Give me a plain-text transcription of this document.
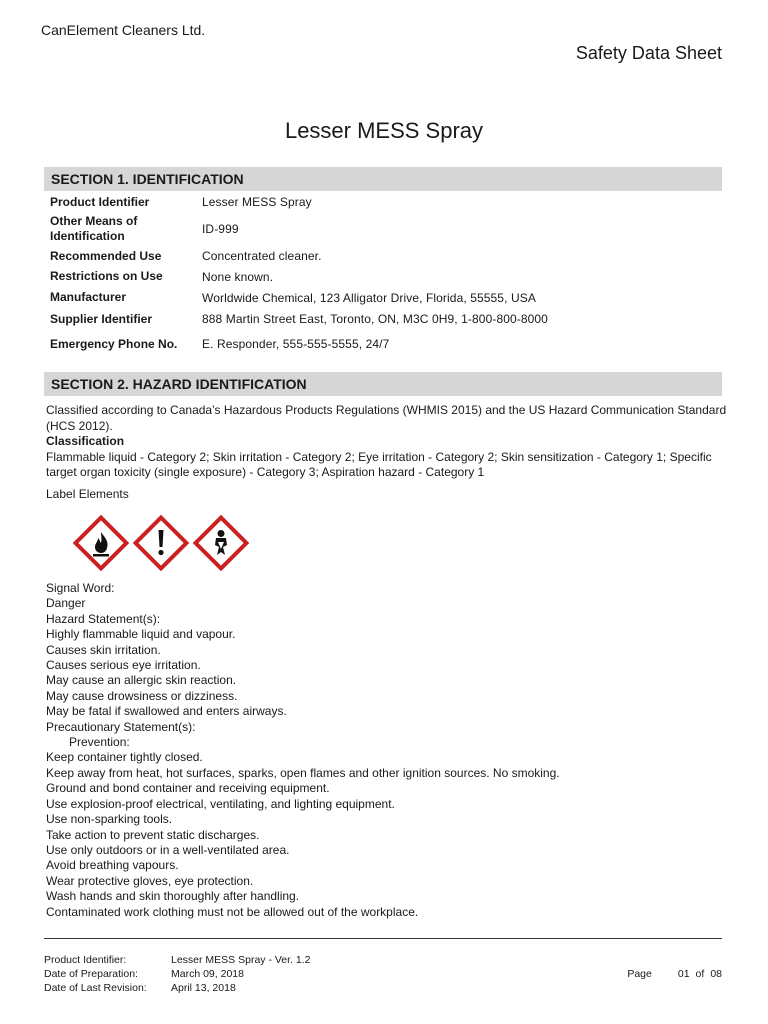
CanElement Cleaners Ltd.
Safety Data Sheet
Lesser MESS Spray
SECTION 1. IDENTIFICATION
Product Identifier	Lesser MESS Spray
Other Means of Identification	ID-999
Recommended Use	Concentrated cleaner.
Restrictions on Use	None known.
Manufacturer	Worldwide Chemical, 123 Alligator Drive, Florida, 55555, USA
Supplier Identifier	888 Martin Street East, Toronto, ON, M3C 0H9, 1-800-800-8000
Emergency Phone No.	E. Responder, 555-555-5555, 24/7
SECTION 2. HAZARD IDENTIFICATION

Classified according to Canada’s Hazardous Products Regulations (WHMIS 2015) and the US Hazard Communication Standard (HCS 2012).

Classification

Flammable liquid - Category 2; Skin irritation - Category 2; Eye irritation - Category 2; Skin sensitization - Category 1; Specific target organ toxicity (single exposure) - Category 3; Aspiration hazard - Category 1

Label Elements

Signal Word:
Danger
Hazard Statement(s):
Highly flammable liquid and vapour.
Causes skin irritation.
Causes serious eye irritation.
May cause an allergic skin reaction.
May cause drowsiness or dizziness.
May be fatal if swallowed and enters airways.
Precautionary Statement(s):
Prevention:
Keep container tightly closed.
Keep away from heat, hot surfaces, sparks, open flames and other ignition sources. No smoking.
Ground and bond container and receiving equipment.
Use explosion-proof electrical, ventilating, and lighting equipment.
Use non-sparking tools.
Take action to prevent static discharges.
Use only outdoors or in a well-ventilated area.
Avoid breathing vapours.
Wear protective gloves, eye protection.
Wash hands and skin thoroughly after handling.
Contaminated work clothing must not be allowed out of the workplace.
Product Identifier:	Lesser MESS Spray - Ver. 1.2
Date of Preparation:	March 09, 2018
Date of Last Revision:	April 13, 2018
Page 01 of 08
